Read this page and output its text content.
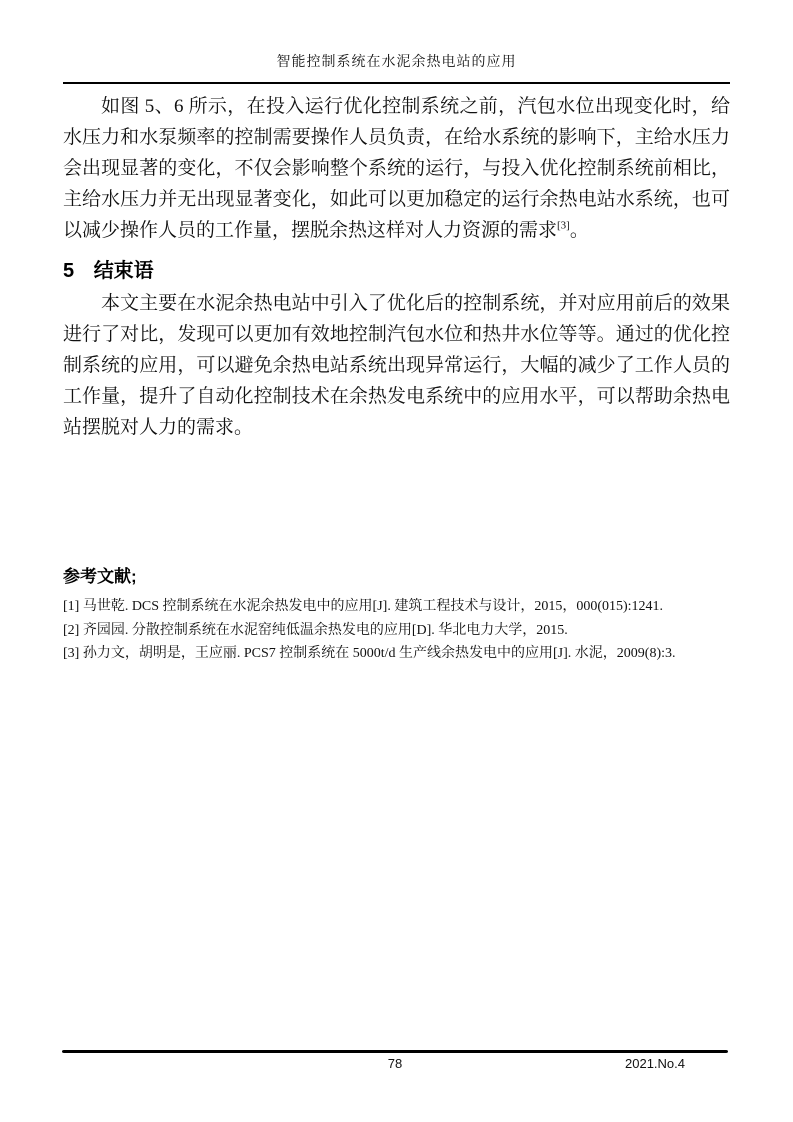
智能控制系统在水泥余热电站的应用

如图 5、6 所示，在投入运行优化控制系统之前，汽包水位出现变化时，给水压力和水泵频率的控制需要操作人员负责，在给水系统的影响下，主给水压力会出现显著的变化，不仅会影响整个系统的运行，与投入优化控制系统前相比，主给水压力并无出现显著变化，如此可以更加稳定的运行余热电站水系统，也可以减少操作人员的工作量，摆脱余热这样对人力资源的需求[3]。

5 结束语

本文主要在水泥余热电站中引入了优化后的控制系统，并对应用前后的效果进行了对比，发现可以更加有效地控制汽包水位和热井水位等等。通过的优化控制系统的应用，可以避免余热电站系统出现异常运行，大幅的减少了工作人员的工作量，提升了自动化控制技术在余热发电系统中的应用水平，可以帮助余热电站摆脱对人力的需求。

参考文献;
[1] 马世乾. DCS 控制系统在水泥余热发电中的应用[J]. 建筑工程技术与设计，2015，000(015):1241.
[2] 齐园园. 分散控制系统在水泥窑纯低温余热发电的应用[D]. 华北电力大学，2015.
[3] 孙力文，胡明是，王应丽. PCS7 控制系统在 5000t/d 生产线余热发电中的应用[J]. 水泥，2009(8):3.
78	2021.No.4
